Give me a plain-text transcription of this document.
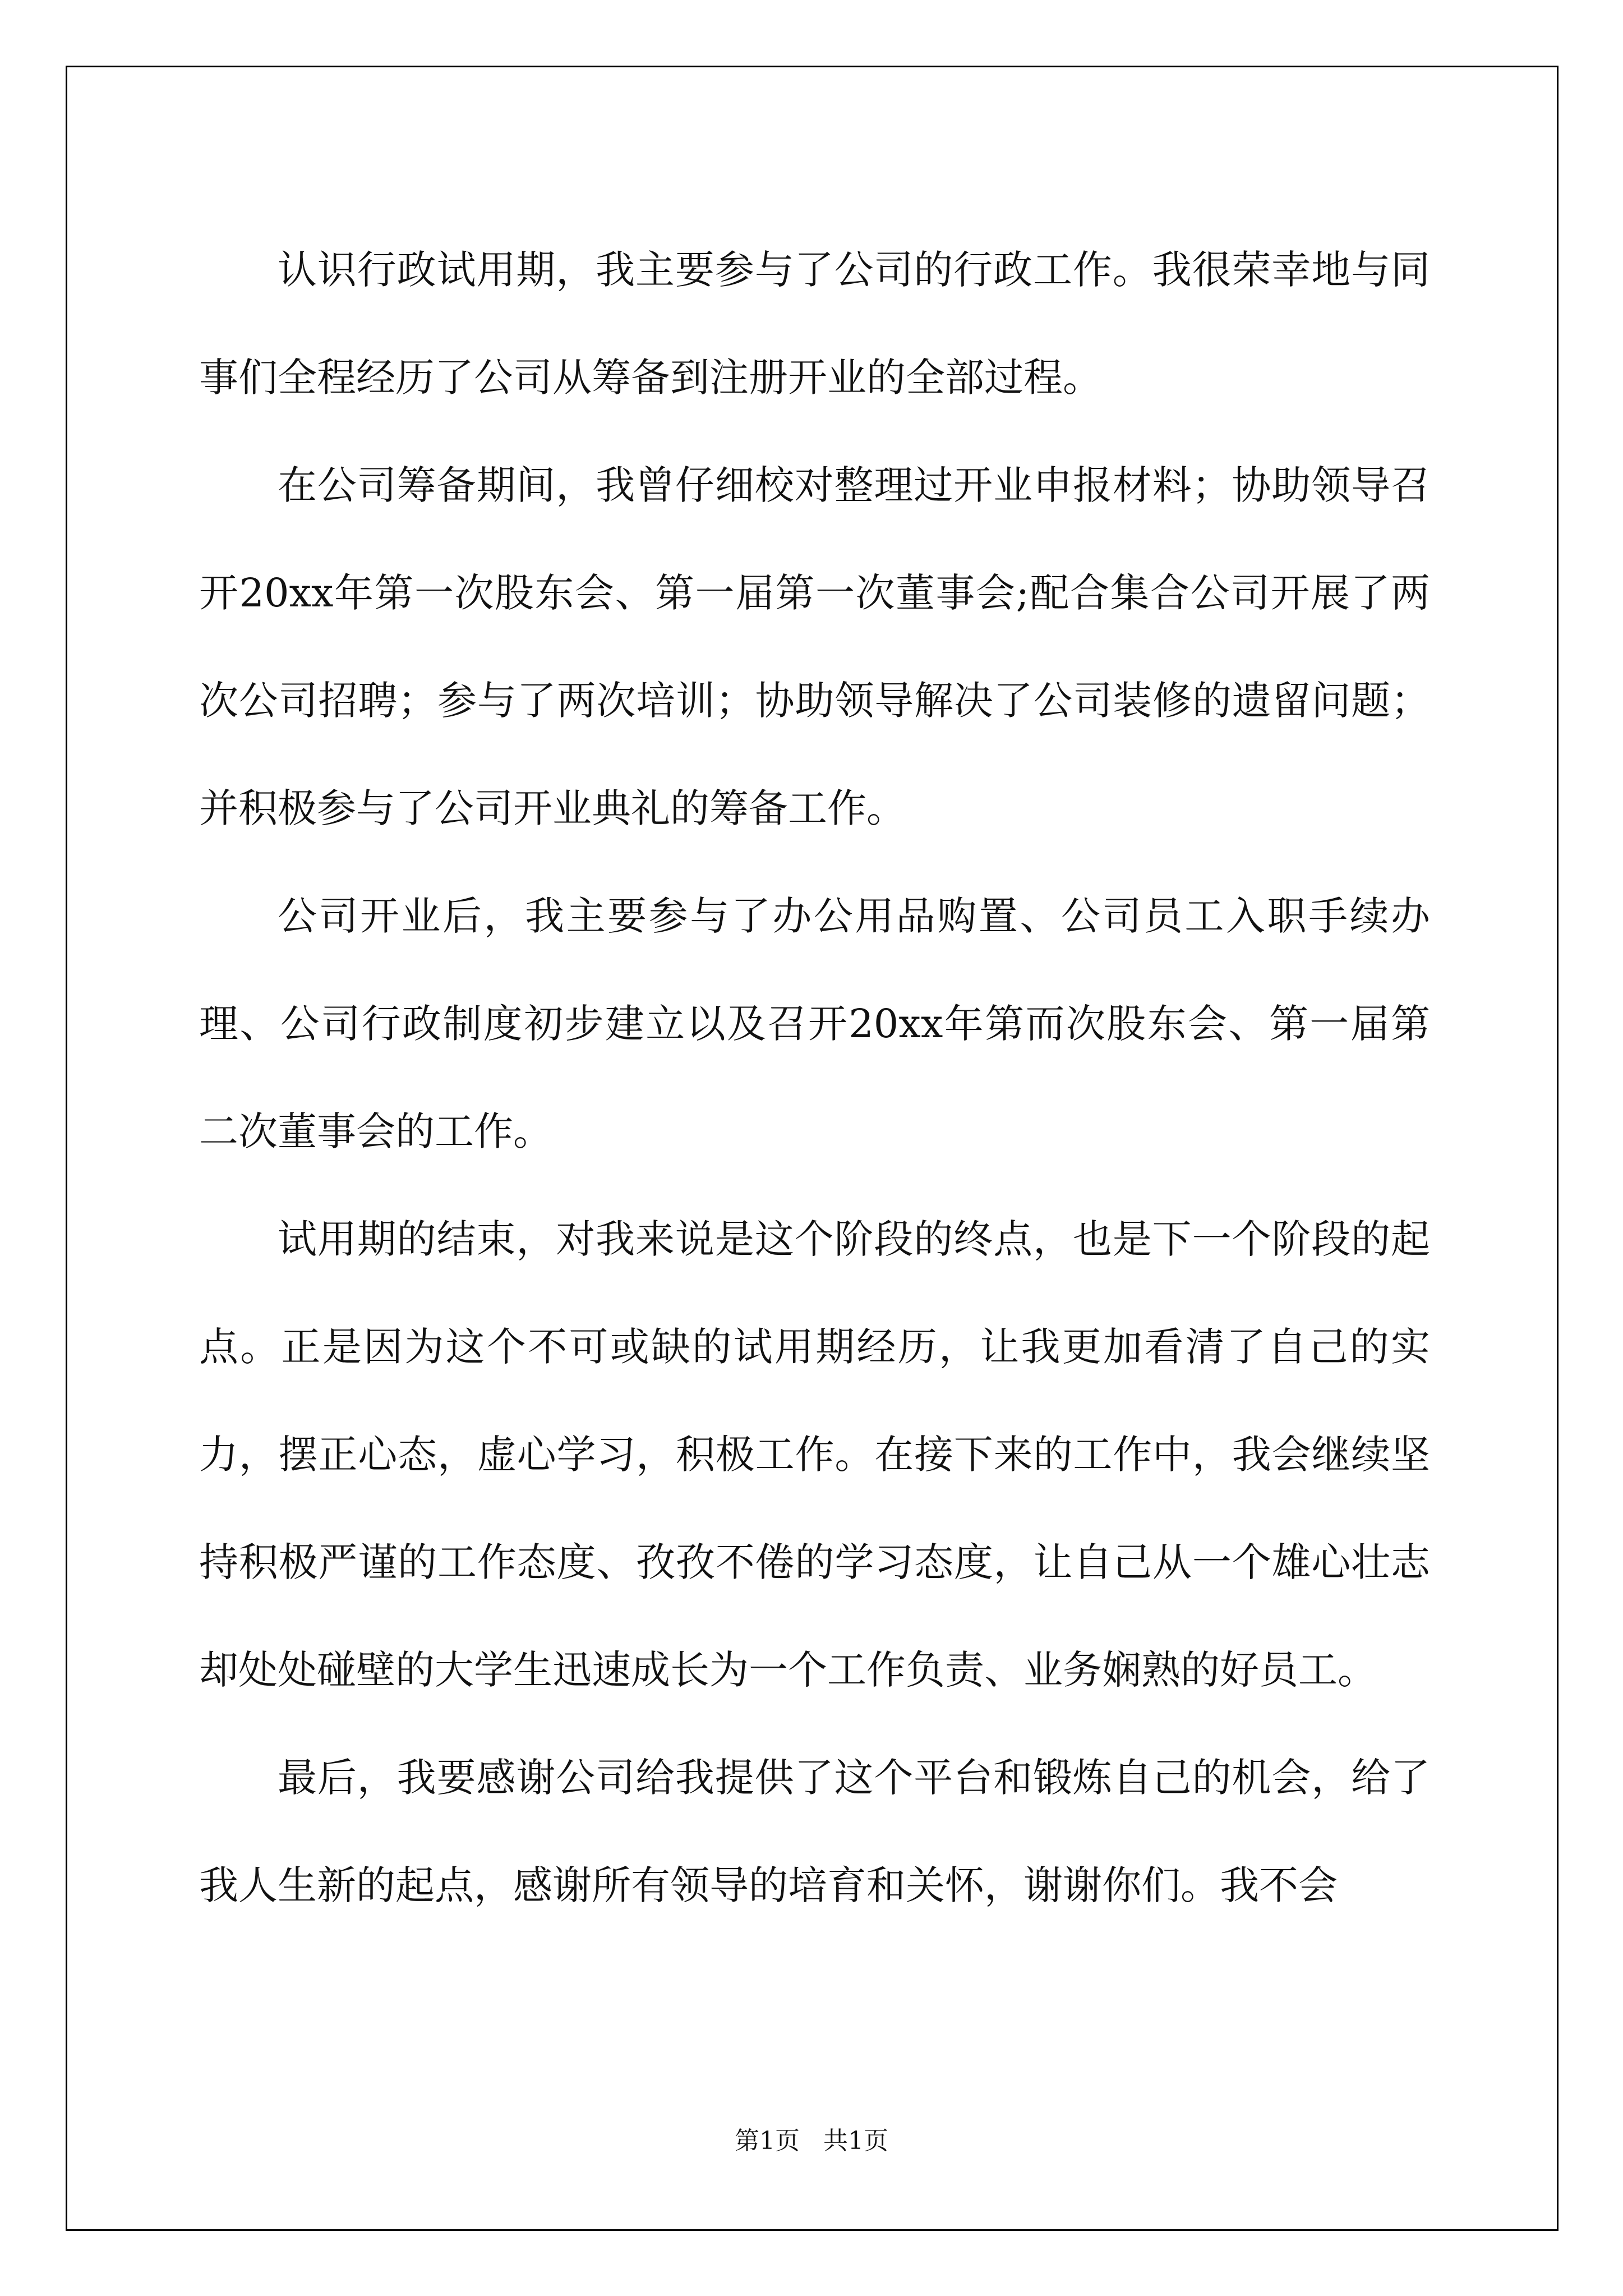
认识行政试用期，我主要参与了公司的行政工作。我很荣幸地与同事们全程经历了公司从筹备到注册开业的全部过程。

在公司筹备期间，我曾仔细校对整理过开业申报材料；协助领导召开20xx年第一次股东会、第一届第一次董事会;配合集合公司开展了两次公司招聘；参与了两次培训；协助领导解决了公司装修的遗留问题；并积极参与了公司开业典礼的筹备工作。

公司开业后，我主要参与了办公用品购置、公司员工入职手续办理、公司行政制度初步建立以及召开20xx年第而次股东会、第一届第二次董事会的工作。

试用期的结束，对我来说是这个阶段的终点，也是下一个阶段的起点。正是因为这个不可或缺的试用期经历，让我更加看清了自己的实力，摆正心态，虚心学习，积极工作。在接下来的工作中，我会继续坚持积极严谨的工作态度、孜孜不倦的学习态度，让自己从一个雄心壮志却处处碰壁的大学生迅速成长为一个工作负责、业务娴熟的好员工。

最后，我要感谢公司给我提供了这个平台和锻炼自己的机会，给了我人生新的起点，感谢所有领导的培育和关怀，谢谢你们。我不会

第1页   共1页
